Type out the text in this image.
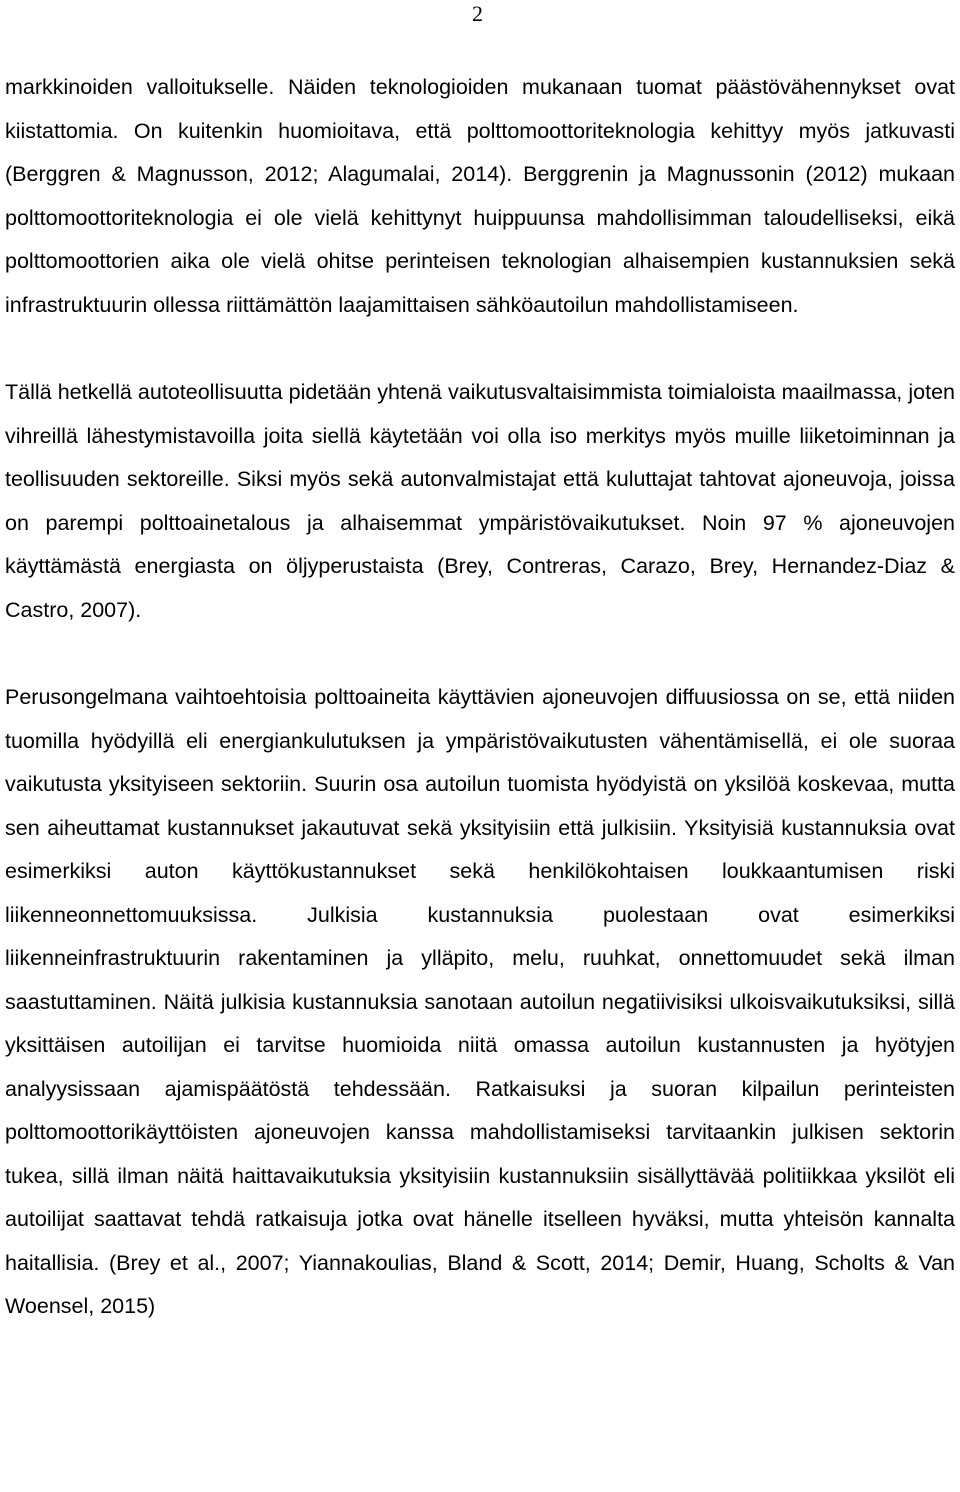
2

markkinoiden valloitukselle. Näiden teknologioiden mukanaan tuomat päästövähennykset ovat kiistattomia. On kuitenkin huomioitava, että polttomoottoriteknologia kehittyy myös jatkuvasti (Berggren & Magnusson, 2012; Alagumalai, 2014). Berggrenin ja Magnussonin (2012) mukaan polttomoottoriteknologia ei ole vielä kehittynyt huippuunsa mahdollisimman taloudelliseksi, eikä polttomoottorien aika ole vielä ohitse perinteisen teknologian alhaisempien kustannuksien sekä infrastruktuurin ollessa riittämättön laajamittaisen sähköautoilun mahdollistamiseen.

Tällä hetkellä autoteollisuutta pidetään yhtenä vaikutusvaltaisimmista toimialoista maailmassa, joten vihreillä lähestymistavoilla joita siellä käytetään voi olla iso merkitys myös muille liiketoiminnan ja teollisuuden sektoreille. Siksi myös sekä autonvalmistajat että kuluttajat tahtovat ajoneuvoja, joissa on parempi polttoainetalous ja alhaisemmat ympäristövaikutukset. Noin 97 % ajoneuvojen käyttämästä energiasta on öljyperustaista (Brey, Contreras, Carazo, Brey, Hernandez-Diaz & Castro, 2007).

Perusongelmana vaihtoehtoisia polttoaineita käyttävien ajoneuvojen diffuusiossa on se, että niiden tuomilla hyödyillä eli energiankulutuksen ja ympäristövaikutusten vähentämisellä, ei ole suoraa vaikutusta yksityiseen sektoriin. Suurin osa autoilun tuomista hyödyistä on yksilöä koskevaa, mutta sen aiheuttamat kustannukset jakautuvat sekä yksityisiin että julkisiin. Yksityisiä kustannuksia ovat esimerkiksi auton käyttökustannukset sekä henkilökohtaisen loukkaantumisen riski liikenneonnettomuuksissa. Julkisia kustannuksia puolestaan ovat esimerkiksi liikenneinfrastruktuurin rakentaminen ja ylläpito, melu, ruuhkat, onnettomuudet sekä ilman saastuttaminen. Näitä julkisia kustannuksia sanotaan autoilun negatiivisiksi ulkoisvaikutuksiksi, sillä yksittäisen autoilijan ei tarvitse huomioida niitä omassa autoilun kustannusten ja hyötyjen analyysissaan ajamispäätöstä tehdessään. Ratkaisuksi ja suoran kilpailun perinteisten polttomoottorikäyttöisten ajoneuvojen kanssa mahdollistamiseksi tarvitaankin julkisen sektorin tukea, sillä ilman näitä haittavaikutuksia yksityisiin kustannuksiin sisällyttävää politiikkaa yksilöt eli autoilijat saattavat tehdä ratkaisuja jotka ovat hänelle itselleen hyväksi, mutta yhteisön kannalta haitallisia. (Brey et al., 2007; Yiannakoulias, Bland & Scott, 2014; Demir, Huang, Scholts & Van Woensel, 2015)
